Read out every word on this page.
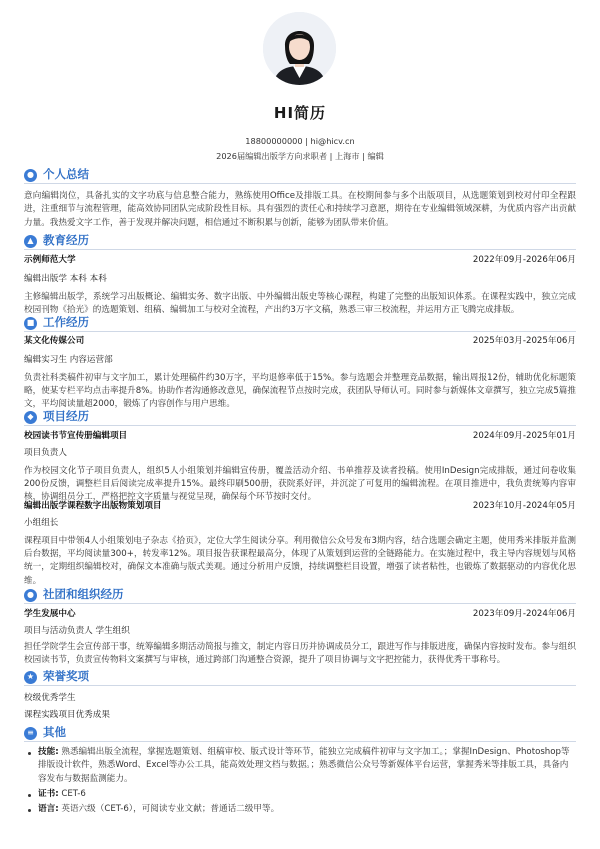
HI简历
18800000000 | hi@hicv.cn
2026届编辑出版学方向求职者 | 上海市 | 编辑
● 个人总结
意向编辑岗位，具备扎实的文字功底与信息整合能力，熟练使用Office及排版工具。在校期间参与多个出版项目，从选题策划到校对付印全程跟进，注重细节与流程管理，能高效协同团队完成阶段性目标。具有强烈的责任心和持续学习意愿，期待在专业编辑领域深耕，为优质内容产出贡献力量。我热爱文字工作，善于发现并解决问题，相信通过不断积累与创新，能够为团队带来价值。
▲ 教育经历
示例师范大学	2022年09月-2026年06月
编辑出版学 本科 本科
主修编辑出版学，系统学习出版概论、编辑实务、数字出版、中外编辑出版史等核心课程，构建了完整的出版知识体系。在课程实践中，独立完成校园刊物《拾光》的选题策划、组稿、编辑加工与校对全流程，产出约3万字文稿，熟悉三审三校流程，并运用方正飞腾完成排版。
■ 工作经历
某文化传媒公司	2025年03月-2025年06月
编辑实习生 内容运营部
负责社科类稿件初审与文字加工，累计处理稿件约30万字，平均退修率低于15%。参与选题会并整理竞品数据，输出周报12份，辅助优化标题策略，使某专栏平均点击率提升8%。协助作者沟通修改意见，确保流程节点按时完成，获团队导师认可。同时参与新媒体文章撰写，独立完成5篇推文，平均阅读量超2000，锻炼了内容创作与用户思维。
◆ 项目经历
校园读书节宣传册编辑项目	2024年09月-2025年01月
项目负责人
作为校园文化节子项目负责人，组织5人小组策划并编辑宣传册，覆盖活动介绍、书单推荐及读者投稿。使用InDesign完成排版，通过问卷收集200份反馈，调整栏目后阅读完成率提升15%。最终印刷500册，获院系好评，并沉淀了可复用的编辑流程。在项目推进中，我负责统筹内容审核，协调组员分工，严格把控文字质量与视觉呈现，确保每个环节按时交付。
编辑出版学课程数字出版物策划项目	2023年10月-2024年05月
小组组长
课程项目中带领4人小组策划电子杂志《拾页》，定位大学生阅读分享。利用微信公众号发布3期内容，结合选题会确定主题，使用秀米排版并监测后台数据，平均阅读量300+，转发率12%。项目报告获课程最高分，体现了从策划到运营的全链路能力。在实施过程中，我主导内容规划与风格统一，定期组织编辑校对，确保文本准确与版式美观。通过分析用户反馈，持续调整栏目设置，增强了读者粘性，也锻炼了数据驱动的内容优化思维。
● 社团和组织经历
学生发展中心	2023年09月-2024年06月
项目与活动负责人 学生组织
担任学院学生会宣传部干事，统筹编辑多期活动简报与推文，制定内容日历并协调成员分工，跟进写作与排版进度，确保内容按时发布。参与组织校园读书节，负责宣传物料文案撰写与审核，通过跨部门沟通整合资源，提升了项目协调与文字把控能力，获得优秀干事称号。
★ 荣誉奖项
校级优秀学生
课程实践项目优秀成果
≡ 其他
技能: 熟悉编辑出版全流程，掌握选题策划、组稿审校、版式设计等环节，能独立完成稿件初审与文字加工。；掌握InDesign、Photoshop等排版设计软件，熟悉Word、Excel等办公工具，能高效处理文档与数据。；熟悉微信公众号等新媒体平台运营，掌握秀米等排版工具，具备内容发布与数据监测能力。
证书: CET-6
语言: 英语六级（CET-6），可阅读专业文献；普通话二级甲等。
